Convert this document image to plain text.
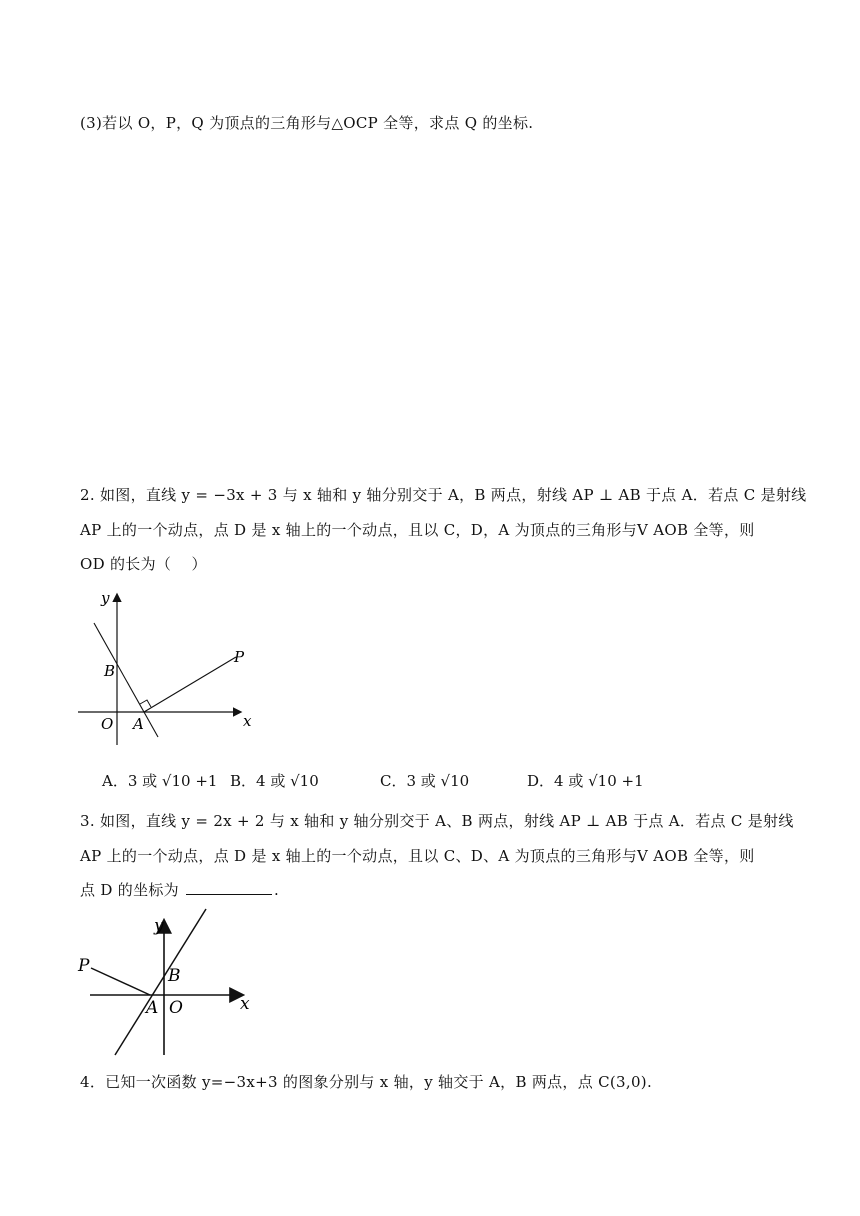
(3)若以 O，P，Q 为顶点的三角形与△OCP 全等，求点 Q 的坐标.
2. 如图，直线 y = −3x + 3 与 x 轴和 y 轴分别交于 A，B 两点，射线 AP ⊥ AB 于点 A．若点 C 是射线
AP 上的一个动点，点 D 是 x 轴上的一个动点，且以 C，D，A 为顶点的三角形与V AOB 全等，则
OD 的长为（　 ）
y
x
B
P
O A
A．3 或 √10 +1 B．4 或 √10	C．3 或 √10	D．4 或 √10 +1
3. 如图，直线 y = 2x + 2 与 x 轴和 y 轴分别交于 A、B 两点，射线 AP ⊥ AB 于点 A．若点 C 是射线
AP 上的一个动点，点 D 是 x 轴上的一个动点，且以 C、D、A 为顶点的三角形与V AOB 全等，则
点 D 的坐标为	.
y
x
P	B
A O
4．已知一次函数 y=−3x+3 的图象分别与 x 轴，y 轴交于 A，B 两点，点 C(3,0).
